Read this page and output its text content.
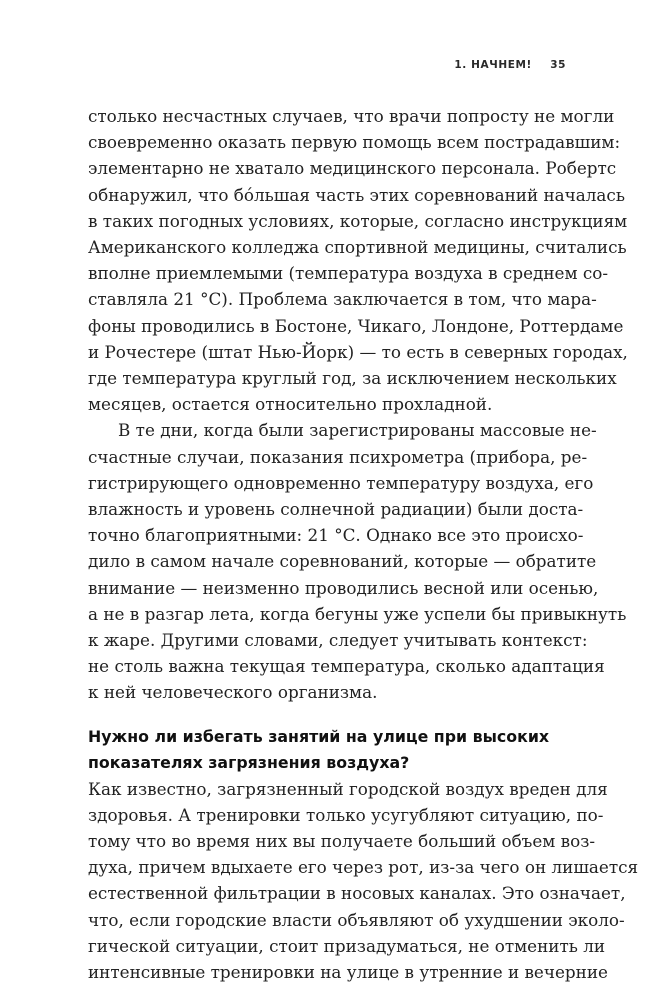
1. НАЧНЕМ! 35
столько несчастных случаев, что врачи попросту не могли
своевременно оказать первую помощь всем пострадавшим:
элементарно не хватало медицинского персонала. Робертс
обнаружил, что бóльшая часть этих соревнований началась
в таких погодных условиях, которые, согласно инструкциям
Американского колледжа спортивной медицины, считались
вполне приемлемыми (температура воздуха в среднем со-
ставляла 21 °С). Проблема заключается в том, что мара-
фоны проводились в Бостоне, Чикаго, Лондоне, Роттердаме
и Рочестере (штат Нью-Йорк) — то есть в северных городах,
где температура круглый год, за исключением нескольких
месяцев, остается относительно прохладной.
В те дни, когда были зарегистрированы массовые не-
счастные случаи, показания психрометра (прибора, ре-
гистрирующего одновременно температуру воздуха, его
влажность и уровень солнечной радиации) были доста-
точно благоприятными: 21 °С. Однако все это происхо-
дило в самом начале соревнований, которые — обратите
внимание — неизменно проводились весной или осенью,
а не в разгар лета, когда бегуны уже успели бы привыкнуть
к жаре. Другими словами, следует учитывать контекст:
не столь важна текущая температура, сколько адаптация
к ней человеческого организма.
Нужно ли избегать занятий на улице при высоких
показателях загрязнения воздуха?
Как известно, загрязненный городской воздух вреден для
здоровья. А тренировки только усугубляют ситуацию, по-
тому что во время них вы получаете больший объем воз-
духа, причем вдыхаете его через рот, из-за чего он лишается
естественной фильтрации в носовых каналах. Это означает,
что, если городские власти объявляют об ухудшении эколо-
гической ситуации, стоит призадуматься, не отменить ли
интенсивные тренировки на улице в утренние и вечерние
